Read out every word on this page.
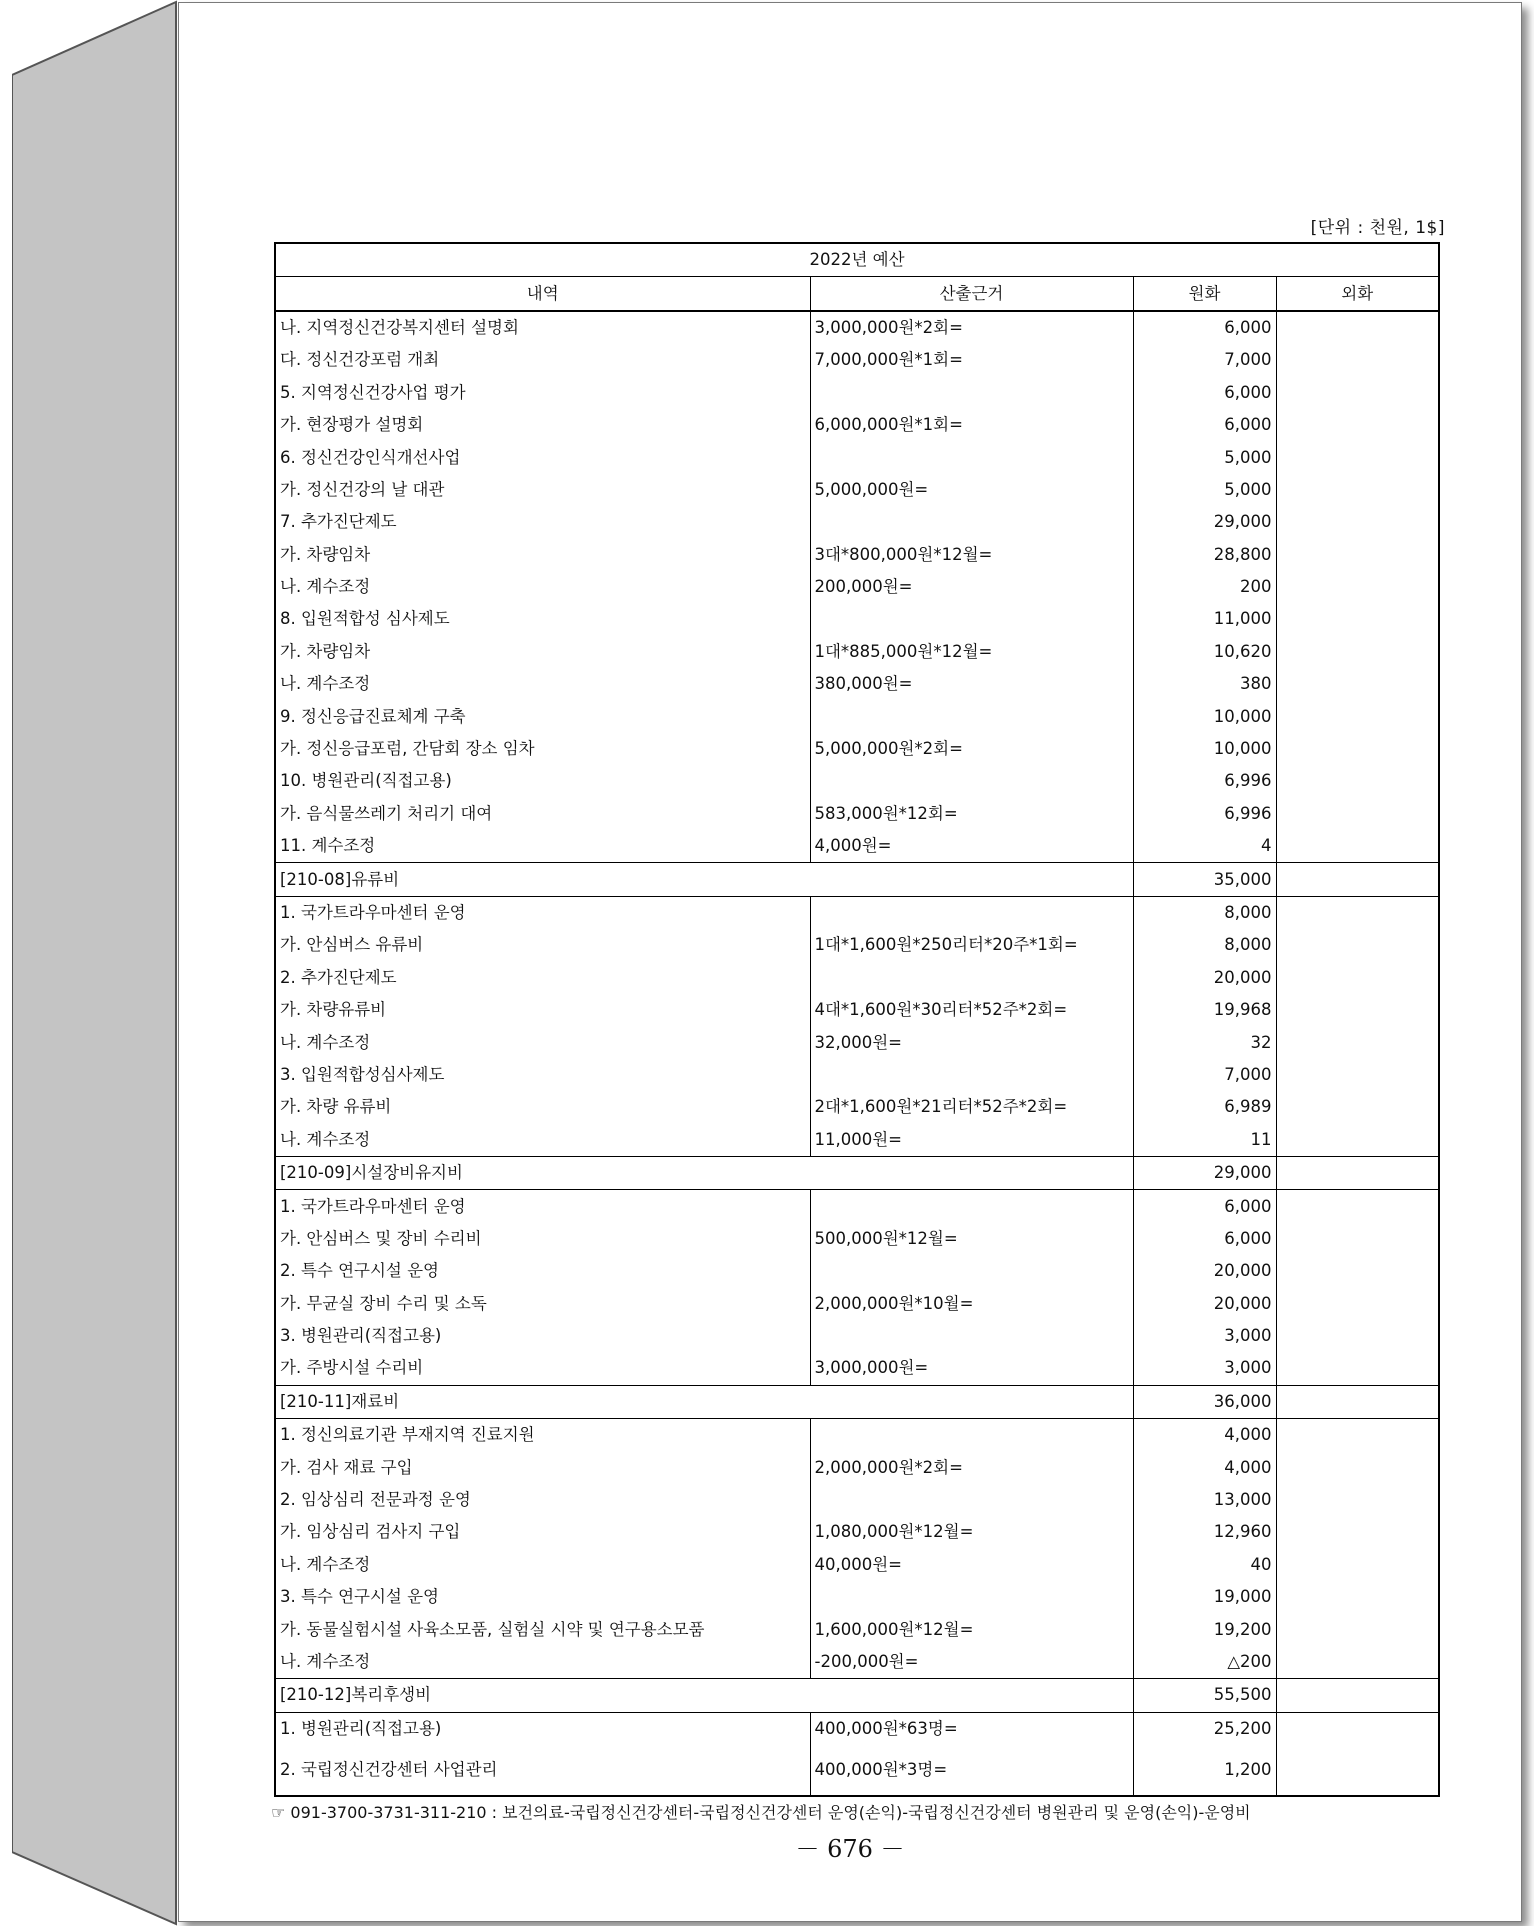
[단위 : 천원, 1$]
2022년 예산			
내역	산출근거	원화	외화
나. 지역정신건강복지센터 설명회	3,000,000원*2회=	6,000	
다. 정신건강포럼 개최	7,000,000원*1회=	7,000	
5. 지역정신건강사업 평가		6,000	
가. 현장평가 설명회	6,000,000원*1회=	6,000	
6. 정신건강인식개선사업		5,000	
가. 정신건강의 날 대관	5,000,000원=	5,000	
7. 추가진단제도		29,000	
가. 차량임차	3대*800,000원*12월=	28,800	
나. 계수조정	200,000원=	200	
8. 입원적합성 심사제도		11,000	
가. 차량임차	1대*885,000원*12월=	10,620	
나. 계수조정	380,000원=	380	
9. 정신응급진료체계 구축		10,000	
가. 정신응급포럼, 간담회 장소 임차	5,000,000원*2회=	10,000	
10. 병원관리(직접고용)		6,996	
가. 음식물쓰레기 처리기 대여	583,000원*12회=	6,996	
11. 계수조정	4,000원=	4	
[210-08]유류비		35,000	
1. 국가트라우마센터 운영		8,000	
가. 안심버스 유류비	1대*1,600원*250리터*20주*1회=	8,000	
2. 추가진단제도		20,000	
가. 차량유류비	4대*1,600원*30리터*52주*2회=	19,968	
나. 계수조정	32,000원=	32	
3. 입원적합성심사제도		7,000	
가. 차량 유류비	2대*1,600원*21리터*52주*2회=	6,989	
나. 계수조정	11,000원=	11	
[210-09]시설장비유지비		29,000	
1. 국가트라우마센터 운영		6,000	
가. 안심버스 및 장비 수리비	500,000원*12월=	6,000	
2. 특수 연구시설 운영		20,000	
가. 무균실 장비 수리 및 소독	2,000,000원*10월=	20,000	
3. 병원관리(직접고용)		3,000	
가. 주방시설 수리비	3,000,000원=	3,000	
[210-11]재료비		36,000	
1. 정신의료기관 부재지역 진료지원		4,000	
가. 검사 재료 구입	2,000,000원*2회=	4,000	
2. 임상심리 전문과정 운영		13,000	
가. 임상심리 검사지 구입	1,080,000원*12월=	12,960	
나. 계수조정	40,000원=	40	
3. 특수 연구시설 운영		19,000	
가. 동물실험시설 사육소모품, 실험실 시약 및 연구용소모품	1,600,000원*12월=	19,200	
나. 계수조정	-200,000원=	△200	
[210-12]복리후생비		55,500	
1. 병원관리(직접고용)	400,000원*63명=	25,200	
2. 국립정신건강센터 사업관리	400,000원*3명=	1,200	
☞ 091-3700-3731-311-210 : 보건의료-국립정신건강센터-국립정신건강센터 운영(손익)-국립정신건강센터 병원관리 및 운영(손익)-운영비
－ 676 －
